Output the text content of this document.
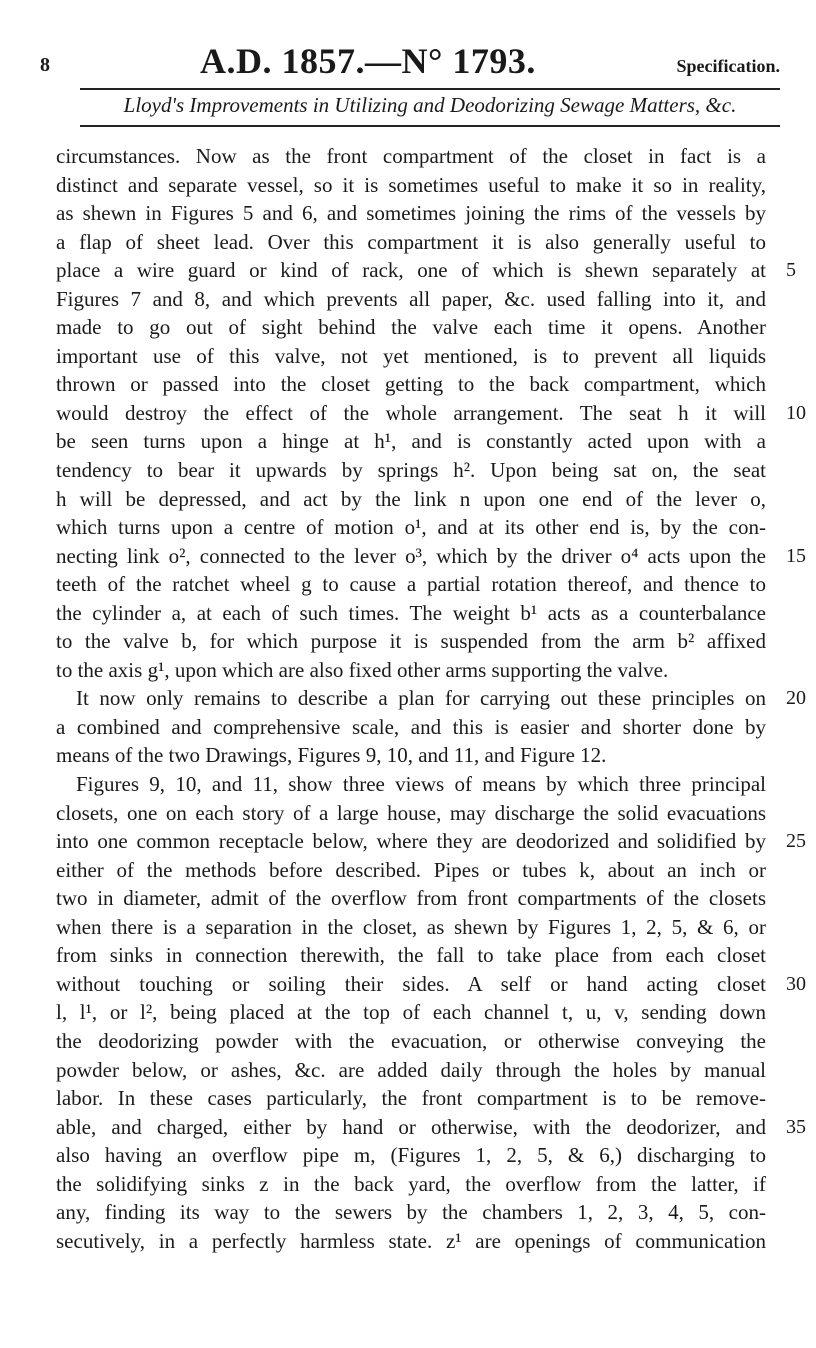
8	A.D. 1857.—N° 1793.	Specification.
Lloyd's Improvements in Utilizing and Deodorizing Sewage Matters, &c.
circumstances. Now as the front compartment of the closet in fact is a
distinct and separate vessel, so it is sometimes useful to make it so in reality,
as shewn in Figures 5 and 6, and sometimes joining the rims of the vessels by
a flap of sheet lead. Over this compartment it is also generally useful to
place a wire guard or kind of rack, one of which is shewn separately at 5
Figures 7 and 8, and which prevents all paper, &c. used falling into it, and
made to go out of sight behind the valve each time it opens. Another
important use of this valve, not yet mentioned, is to prevent all liquids
thrown or passed into the closet getting to the back compartment, which
would destroy the effect of the whole arrangement. The seat h it will 10
be seen turns upon a hinge at h¹, and is constantly acted upon with a
tendency to bear it upwards by springs h². Upon being sat on, the seat
h will be depressed, and act by the link n upon one end of the lever o,
which turns upon a centre of motion o¹, and at its other end is, by the con-
necting link o², connected to the lever o³, which by the driver o⁴ acts upon the 15
teeth of the ratchet wheel g to cause a partial rotation thereof, and thence to
the cylinder a, at each of such times. The weight b¹ acts as a counterbalance
to the valve b, for which purpose it is suspended from the arm b² affixed
to the axis g¹, upon which are also fixed other arms supporting the valve.
It now only remains to describe a plan for carrying out these principles on 20
a combined and comprehensive scale, and this is easier and shorter done by
means of the two Drawings, Figures 9, 10, and 11, and Figure 12.
Figures 9, 10, and 11, show three views of means by which three principal
closets, one on each story of a large house, may discharge the solid evacuations
into one common receptacle below, where they are deodorized and solidified by 25
either of the methods before described. Pipes or tubes k, about an inch or
two in diameter, admit of the overflow from front compartments of the closets
when there is a separation in the closet, as shewn by Figures 1, 2, 5, & 6, or
from sinks in connection therewith, the fall to take place from each closet
without touching or soiling their sides. A self or hand acting closet 30
l, l¹, or l², being placed at the top of each channel t, u, v, sending down
the deodorizing powder with the evacuation, or otherwise conveying the
powder below, or ashes, &c. are added daily through the holes by manual
labor. In these cases particularly, the front compartment is to be remove-
able, and charged, either by hand or otherwise, with the deodorizer, and 35
also having an overflow pipe m, (Figures 1, 2, 5, & 6,) discharging to
the solidifying sinks z in the back yard, the overflow from the latter, if
any, finding its way to the sewers by the chambers 1, 2, 3, 4, 5, con-
secutively, in a perfectly harmless state. z¹ are openings of communication
